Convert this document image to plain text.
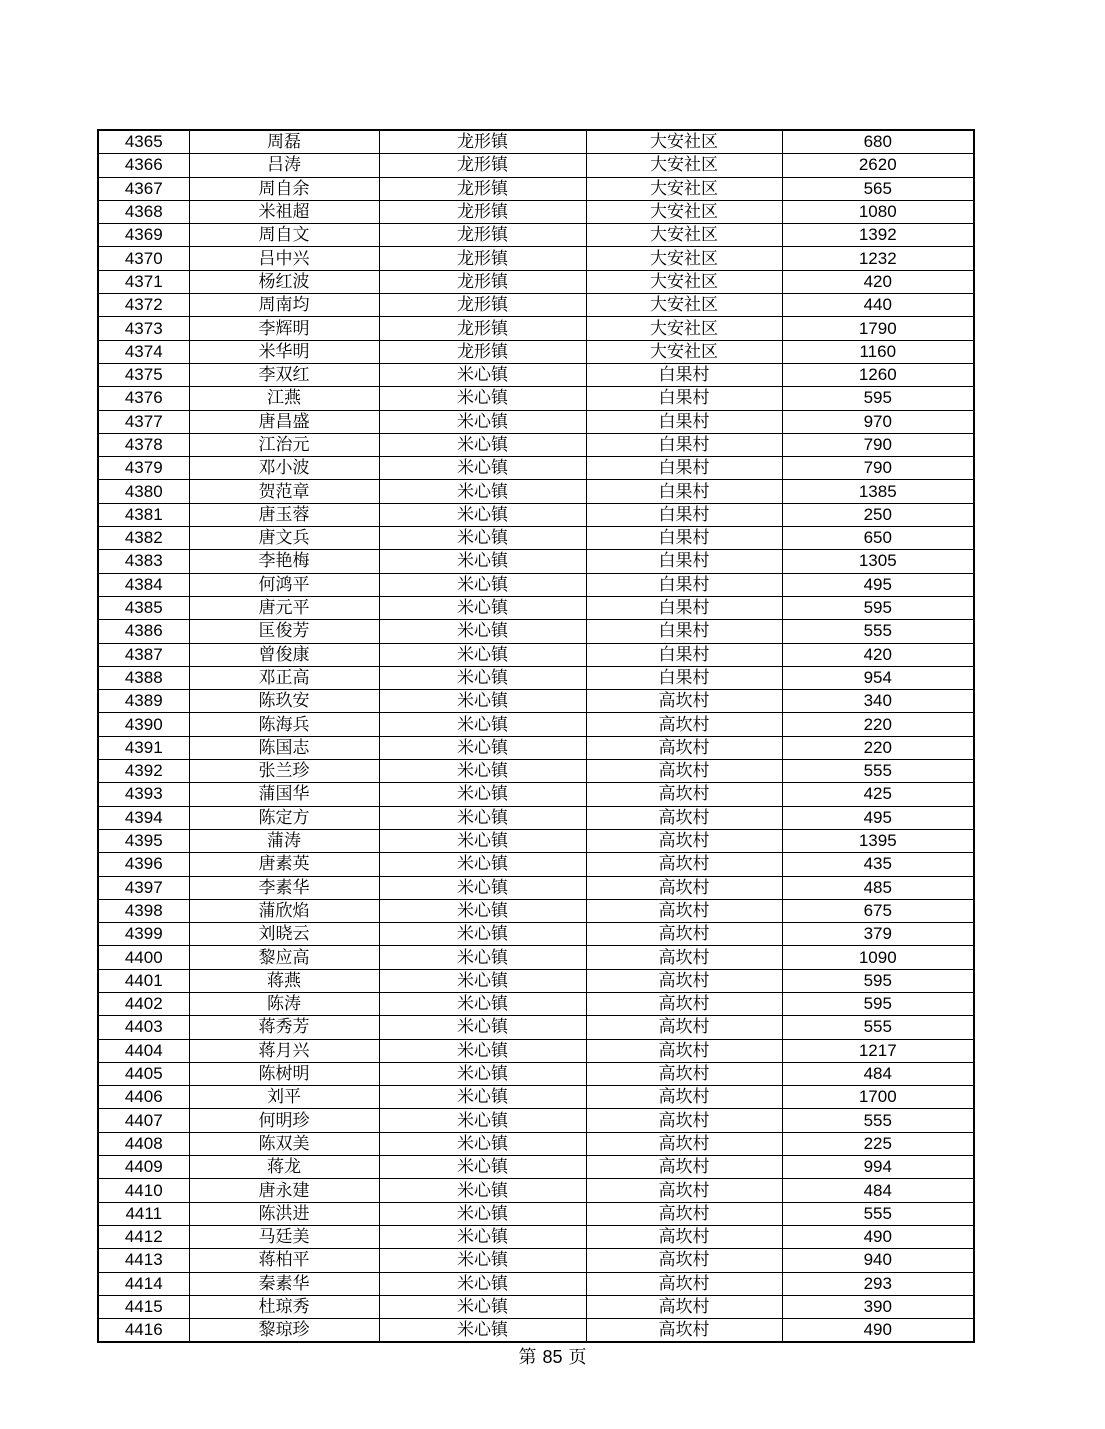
4365	周磊	龙形镇	大安社区	680
4366	吕涛	龙形镇	大安社区	2620
4367	周自余	龙形镇	大安社区	565
4368	米祖超	龙形镇	大安社区	1080
4369	周自文	龙形镇	大安社区	1392
4370	吕中兴	龙形镇	大安社区	1232
4371	杨红波	龙形镇	大安社区	420
4372	周南均	龙形镇	大安社区	440
4373	李辉明	龙形镇	大安社区	1790
4374	米华明	龙形镇	大安社区	1160
4375	李双红	米心镇	白果村	1260
4376	江燕	米心镇	白果村	595
4377	唐昌盛	米心镇	白果村	970
4378	江治元	米心镇	白果村	790
4379	邓小波	米心镇	白果村	790
4380	贺范章	米心镇	白果村	1385
4381	唐玉蓉	米心镇	白果村	250
4382	唐文兵	米心镇	白果村	650
4383	李艳梅	米心镇	白果村	1305
4384	何鸿平	米心镇	白果村	495
4385	唐元平	米心镇	白果村	595
4386	匡俊芳	米心镇	白果村	555
4387	曾俊康	米心镇	白果村	420
4388	邓正高	米心镇	白果村	954
4389	陈玖安	米心镇	高坎村	340
4390	陈海兵	米心镇	高坎村	220
4391	陈国志	米心镇	高坎村	220
4392	张兰珍	米心镇	高坎村	555
4393	蒲国华	米心镇	高坎村	425
4394	陈定方	米心镇	高坎村	495
4395	蒲涛	米心镇	高坎村	1395
4396	唐素英	米心镇	高坎村	435
4397	李素华	米心镇	高坎村	485
4398	蒲欣焰	米心镇	高坎村	675
4399	刘晓云	米心镇	高坎村	379
4400	黎应高	米心镇	高坎村	1090
4401	蒋燕	米心镇	高坎村	595
4402	陈涛	米心镇	高坎村	595
4403	蒋秀芳	米心镇	高坎村	555
4404	蒋月兴	米心镇	高坎村	1217
4405	陈树明	米心镇	高坎村	484
4406	刘平	米心镇	高坎村	1700
4407	何明珍	米心镇	高坎村	555
4408	陈双美	米心镇	高坎村	225
4409	蒋龙	米心镇	高坎村	994
4410	唐永建	米心镇	高坎村	484
4411	陈洪进	米心镇	高坎村	555
4412	马廷美	米心镇	高坎村	490
4413	蒋柏平	米心镇	高坎村	940
4414	秦素华	米心镇	高坎村	293
4415	杜琼秀	米心镇	高坎村	390
4416	黎琼珍	米心镇	高坎村	490
第 85 页
